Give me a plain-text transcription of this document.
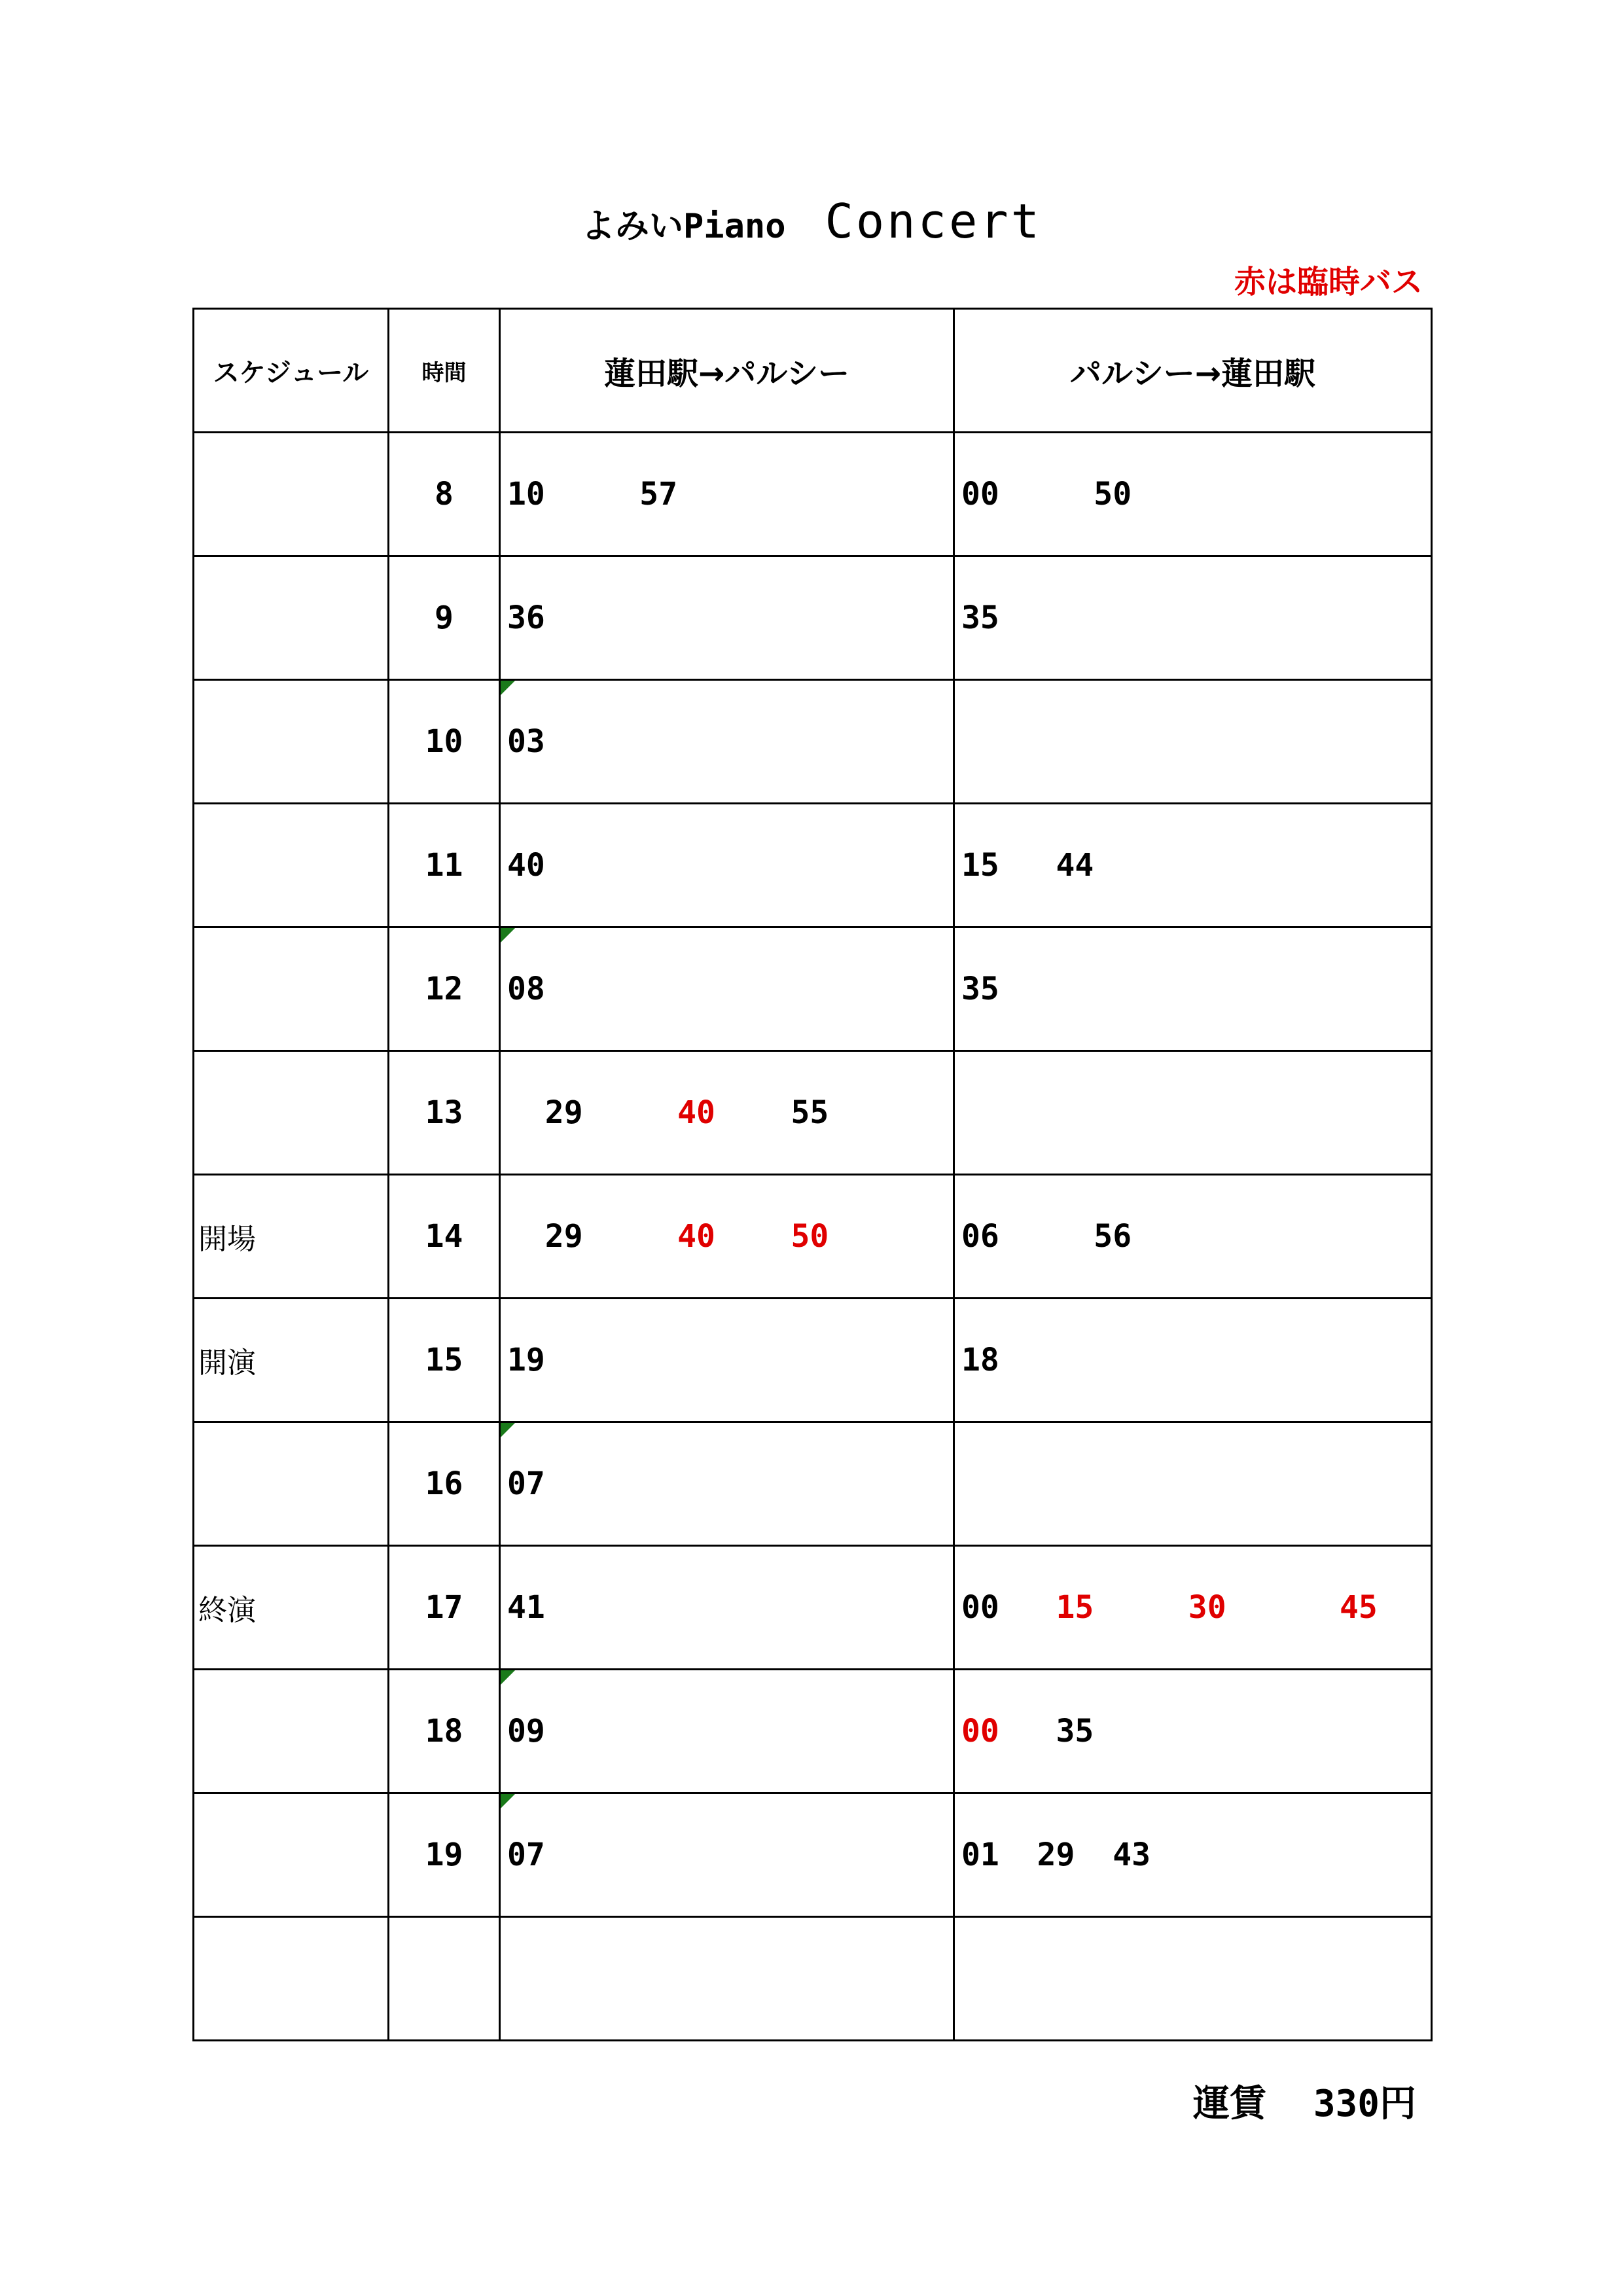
よみいPiano Concert
赤は臨時バス
スケジュール	時間	蓮田駅→パルシー	パルシー→蓮田駅
	8	10 57	00 50
	9	36	35
	10	03	
	11	40	15 44
	12	08	35
	13	29 40 55	
開場	14	29 40 50	06 56
開演	15	19	18
	16	07	
終演	17	41	00 15 30 45
	18	09	00 35
	19	07	01 29 43

運賃 330円
